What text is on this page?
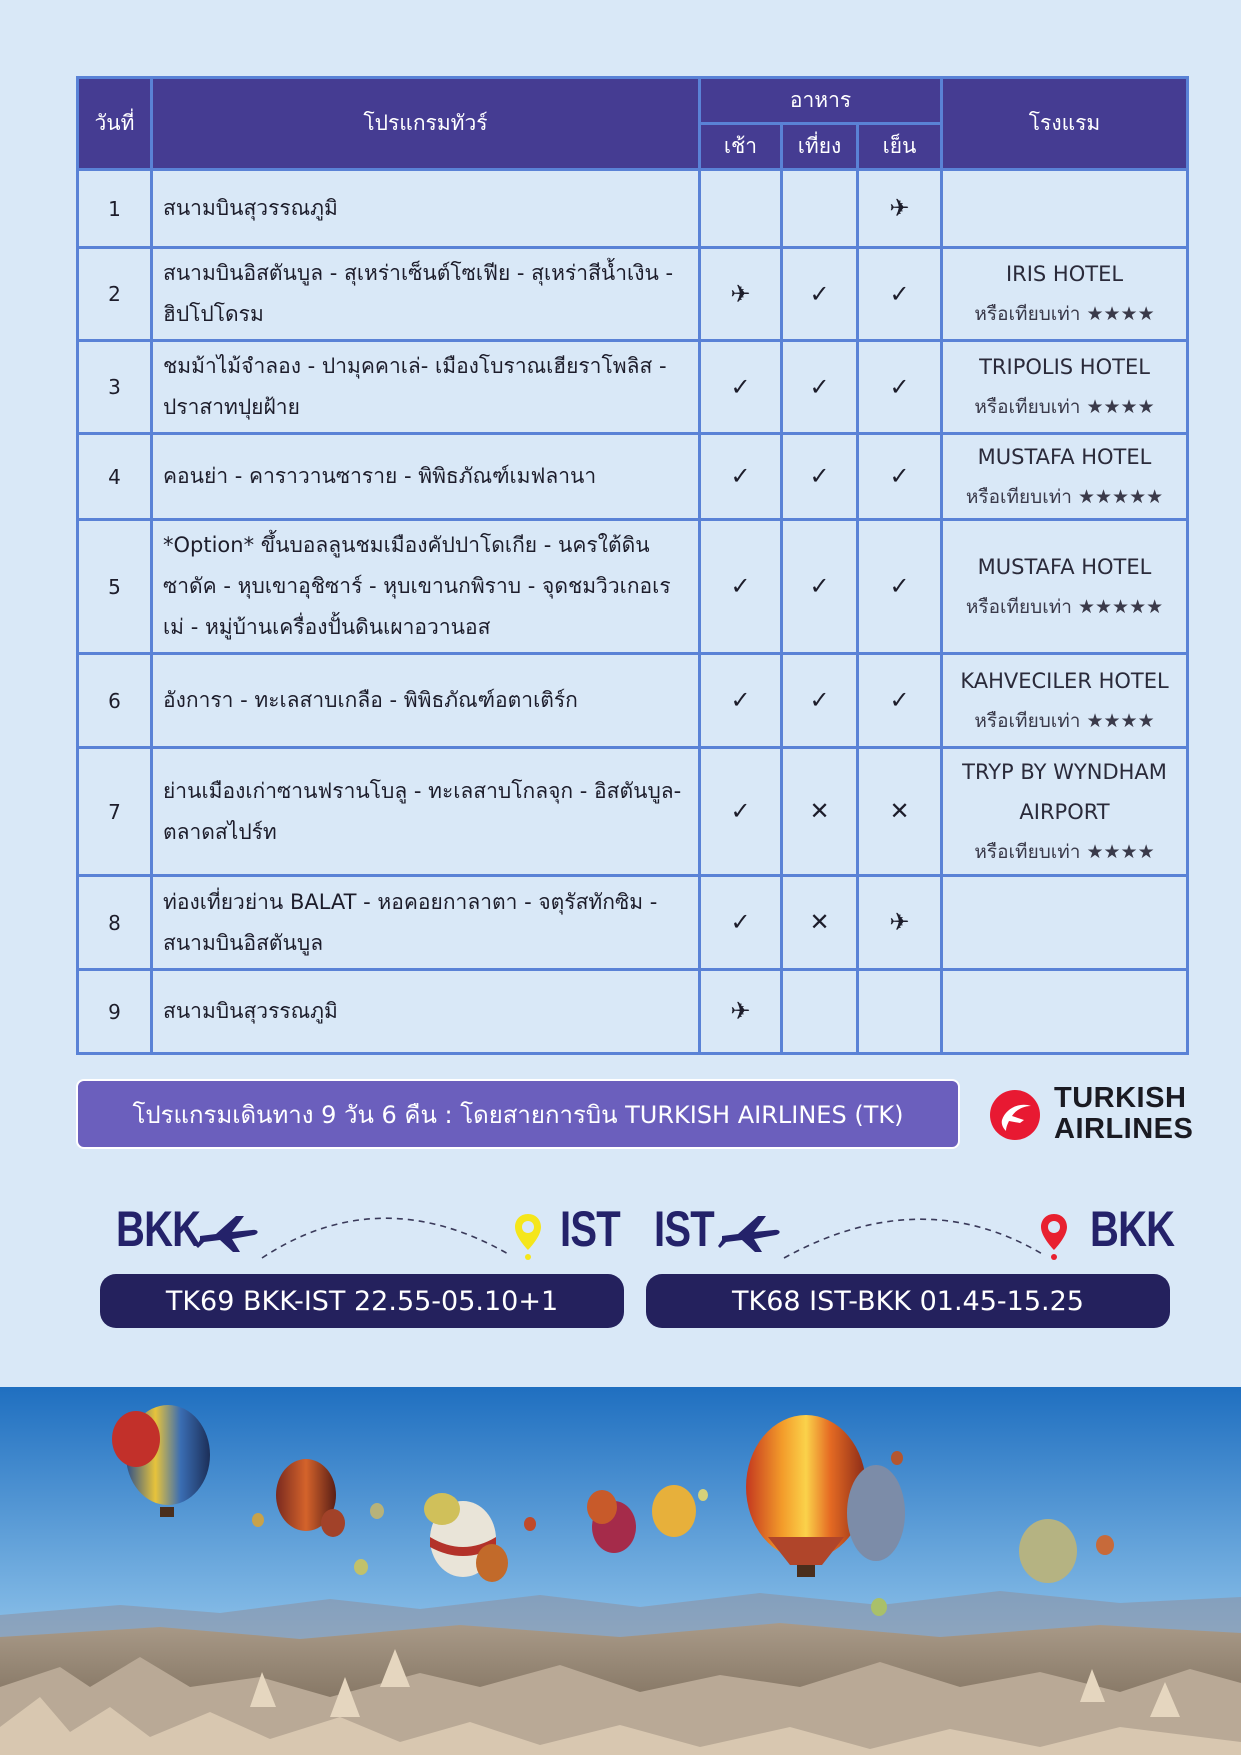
วันที่	โปรแกรมทัวร์	อาหาร			โรงแรม
		เช้า	เที่ยง	เย็น	
1	สนามบินสุวรรณภูมิ			✈	

2	สนามบินอิสตันบูล - สุเหร่าเซ็นต์โซเฟีย - สุเหร่าสีน้ำเงิน - ฮิปโปโดรม	✈	✓	✓	IRIS HOTEL
หรือเทียบเท่า ★★★★

3	ชมม้าไม้จำลอง - ปามุคคาเล่- เมืองโบราณเฮียราโพลิส - ปราสาทปุยฝ้าย	✓	✓	✓	TRIPOLIS HOTEL
หรือเทียบเท่า ★★★★

4	คอนย่า - คาราวานซาราย - พิพิธภัณฑ์เมฟลานา	✓	✓	✓	MUSTAFA HOTEL
หรือเทียบเท่า ★★★★★

5	*Option* ขึ้นบอลลูนชมเมืองคัปปาโดเกีย - นครใต้ดินซาดัค - หุบเขาอุชิซาร์ - หุบเขานกพิราบ - จุดชมวิวเกอเรเม่ - หมู่บ้านเครื่องปั้นดินเผาอวานอส	✓	✓	✓	MUSTAFA HOTEL
หรือเทียบเท่า ★★★★★

6	อังการา - ทะเลสาบเกลือ - พิพิธภัณฑ์อตาเติร์ก	✓	✓	✓	KAHVECILER HOTEL
หรือเทียบเท่า ★★★★

7	ย่านเมืองเก่าซานฟรานโบลู - ทะเลสาบโกลจุก - อิสตันบูล- ตลาดสไปร์ท	✓	✕	✕	TRYP BY WYNDHAM AIRPORT
หรือเทียบเท่า ★★★★

8	ท่องเที่ยวย่าน BALAT - หอคอยกาลาตา - จตุรัสทักซิม - สนามบินอิสตันบูล	✓	✕	✈	

9	สนามบินสุวรรณภูมิ	✈			
โปรแกรมเดินทาง 9 วัน 6 คืน : โดยสายการบิน TURKISH AIRLINES (TK)
TURKISH
AIRLINES
BKK	IST
TK69 BKK-IST 22.55-05.10+1
IST	BKK
TK68 IST-BKK 01.45-15.25
